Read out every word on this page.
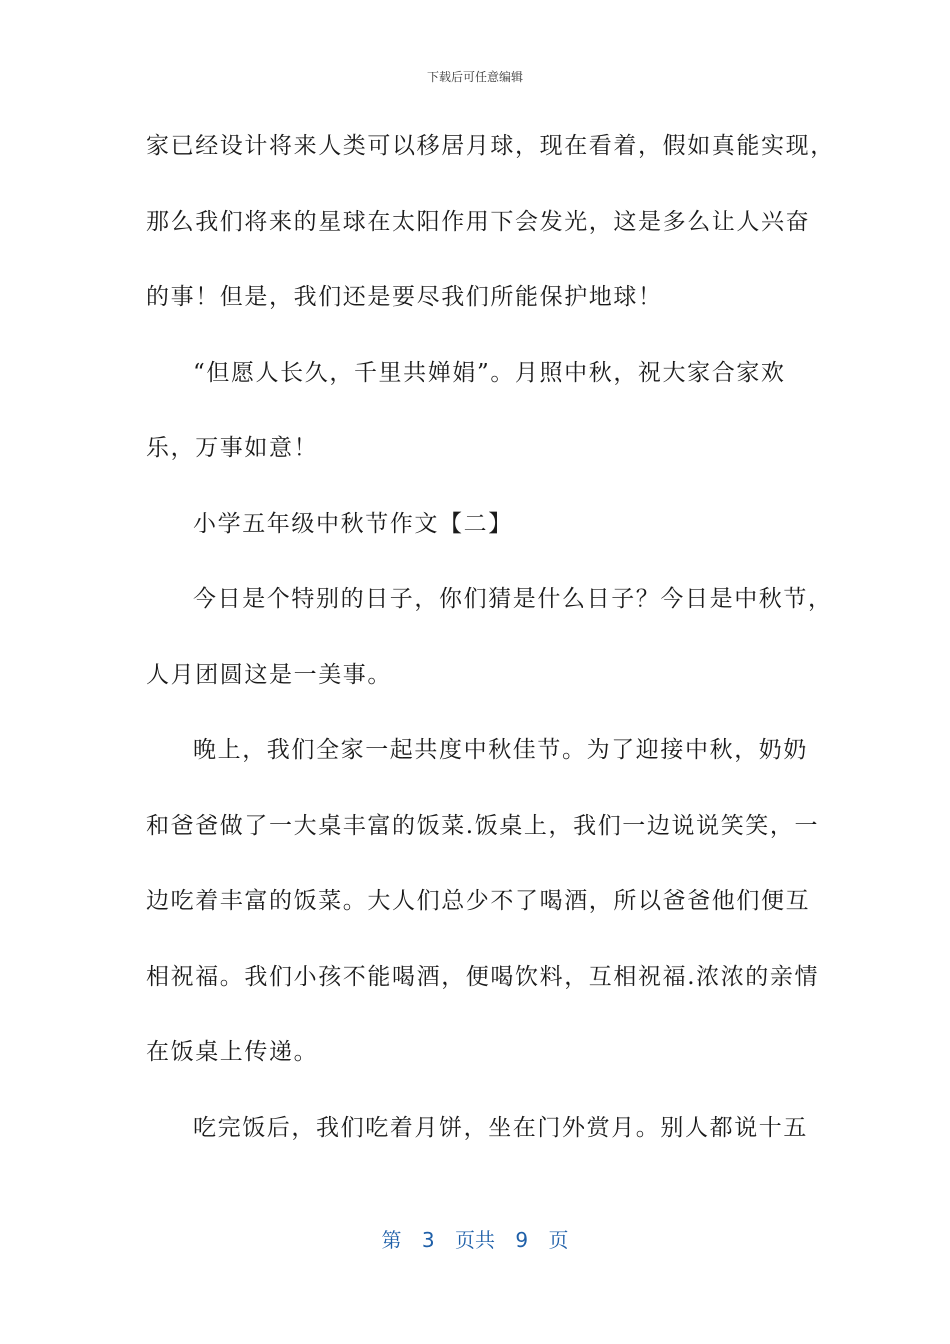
下载后可任意编辑
家已经设计将来人类可以移居月球，现在看着，假如真能实现，
那么我们将来的星球在太阳作用下会发光，这是多么让人兴奋
的事！但是，我们还是要尽我们所能保护地球！
“但愿人长久，千里共婵娟”。月照中秋，祝大家合家欢
乐，万事如意！
小学五年级中秋节作文【二】
今日是个特别的日子，你们猜是什么日子？今日是中秋节，
人月团圆这是一美事。
晚上，我们全家一起共度中秋佳节。为了迎接中秋，奶奶
和爸爸做了一大桌丰富的饭菜.饭桌上，我们一边说说笑笑，一
边吃着丰富的饭菜。大人们总少不了喝酒，所以爸爸他们便互
相祝福。我们小孩不能喝酒，便喝饮料，互相祝福.浓浓的亲情
在饭桌上传递。
吃完饭后，我们吃着月饼，坐在门外赏月。别人都说十五
第 3 页共 9 页
